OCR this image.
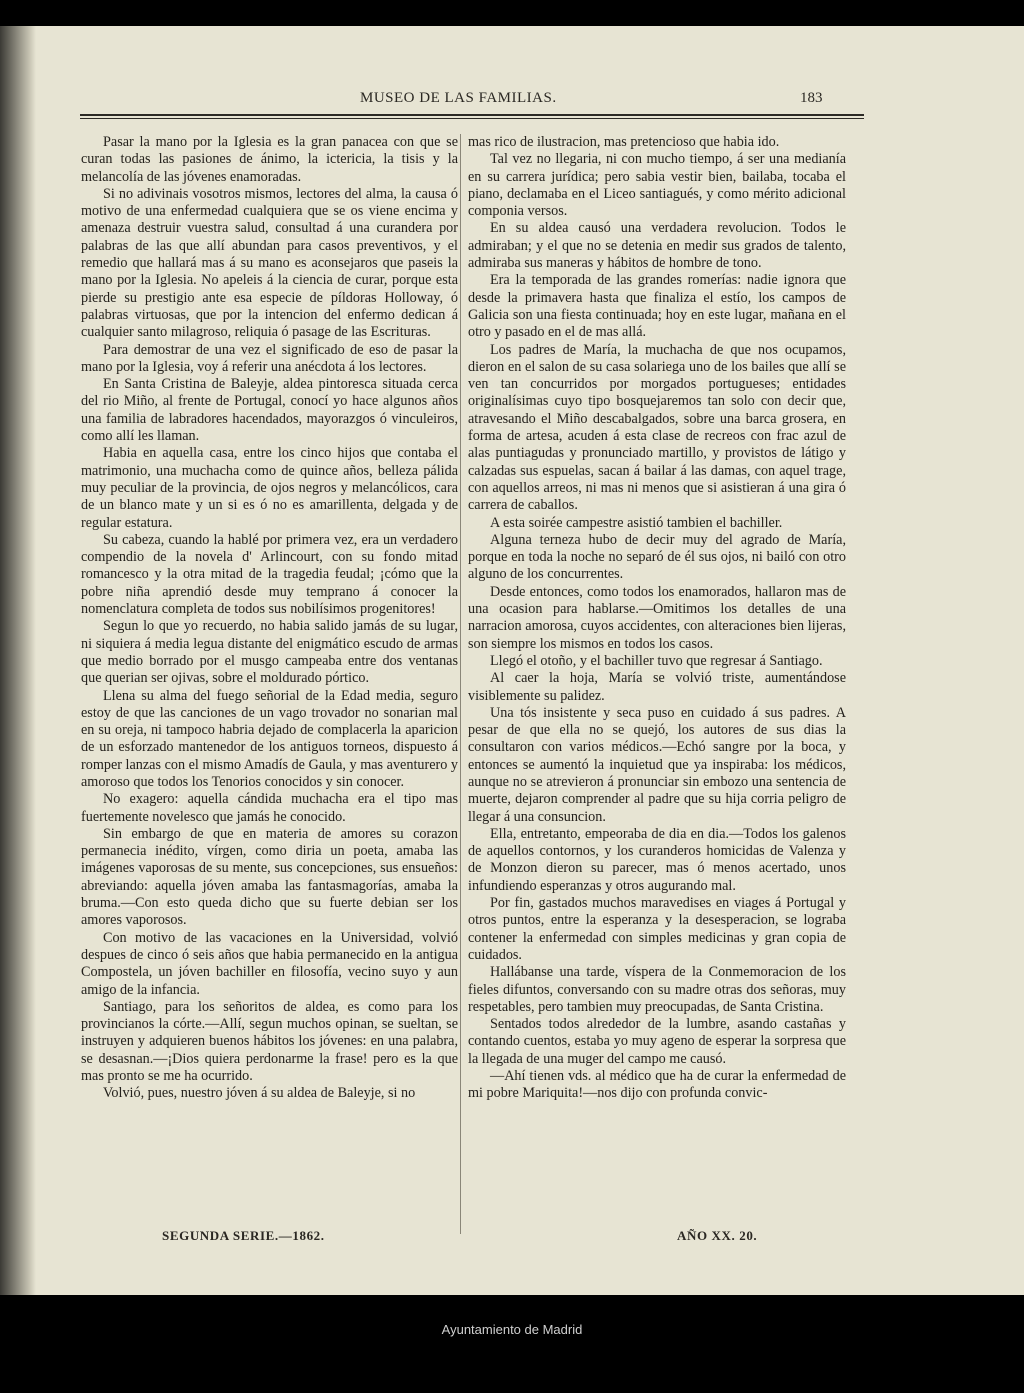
MUSEO DE LAS FAMILIAS.	183

Pasar la mano por la Iglesia es la gran panacea con que se curan todas las pasiones de ánimo, la ictericia, la tisis y la melancolía de las jóvenes enamoradas.

Si no adivinais vosotros mismos, lectores del alma, la causa ó motivo de una enfermedad cualquiera que se os viene encima y amenaza destruir vuestra salud, consultad á una curandera por palabras de las que allí abundan para casos preventivos, y el remedio que hallará mas á su mano es aconsejaros que paseis la mano por la Iglesia. No apeleis á la ciencia de curar, porque esta pierde su prestigio ante esa especie de píldoras Holloway, ó palabras virtuosas, que por la intencion del enfermo dedican á cualquier santo milagroso, reliquia ó pasage de las Escrituras.

Para demostrar de una vez el significado de eso de pasar la mano por la Iglesia, voy á referir una anécdota á los lectores.

En Santa Cristina de Baleyje, aldea pintoresca situada cerca del rio Miño, al frente de Portugal, conocí yo hace algunos años una familia de labradores hacendados, mayorazgos ó vinculeiros, como allí les llaman.

Habia en aquella casa, entre los cinco hijos que contaba el matrimonio, una muchacha como de quince años, belleza pálida muy peculiar de la provincia, de ojos negros y melancólicos, cara de un blanco mate y un si es ó no es amarillenta, delgada y de regular estatura.

Su cabeza, cuando la hablé por primera vez, era un verdadero compendio de la novela d' Arlincourt, con su fondo mitad romancesco y la otra mitad de la tragedia feudal; ¡cómo que la pobre niña aprendió desde muy temprano á conocer la nomenclatura completa de todos sus nobilísimos progenitores!

Segun lo que yo recuerdo, no habia salido jamás de su lugar, ni siquiera á media legua distante del enigmático escudo de armas que medio borrado por el musgo campeaba entre dos ventanas que querian ser ojivas, sobre el moldurado pórtico.

Llena su alma del fuego señorial de la Edad media, seguro estoy de que las canciones de un vago trovador no sonarian mal en su oreja, ni tampoco habria dejado de complacerla la aparicion de un esforzado mantenedor de los antiguos torneos, dispuesto á romper lanzas con el mismo Amadís de Gaula, y mas aventurero y amoroso que todos los Tenorios conocidos y sin conocer.

No exagero: aquella cándida muchacha era el tipo mas fuertemente novelesco que jamás he conocido.

Sin embargo de que en materia de amores su corazon permanecia inédito, vírgen, como diria un poeta, amaba las imágenes vaporosas de su mente, sus concepciones, sus ensueños: abreviando: aquella jóven amaba las fantasmagorías, amaba la bruma.—Con esto queda dicho que su fuerte debian ser los amores vaporosos.

Con motivo de las vacaciones en la Universidad, volvió despues de cinco ó seis años que habia permanecido en la antigua Compostela, un jóven bachiller en filosofía, vecino suyo y aun amigo de la infancia.

Santiago, para los señoritos de aldea, es como para los provincianos la córte.—Allí, segun muchos opinan, se sueltan, se instruyen y adquieren buenos hábitos los jóvenes: en una palabra, se desasnan.—¡Dios quiera perdonarme la frase! pero es la que mas pronto se me ha ocurrido.

Volvió, pues, nuestro jóven á su aldea de Baleyje, si no

mas rico de ilustracion, mas pretencioso que habia ido.

Tal vez no llegaria, ni con mucho tiempo, á ser una medianía en su carrera jurídica; pero sabia vestir bien, bailaba, tocaba el piano, declamaba en el Liceo santiagués, y como mérito adicional componia versos.

En su aldea causó una verdadera revolucion. Todos le admiraban; y el que no se detenia en medir sus grados de talento, admiraba sus maneras y hábitos de hombre de tono.

Era la temporada de las grandes romerías: nadie ignora que desde la primavera hasta que finaliza el estío, los campos de Galicia son una fiesta continuada; hoy en este lugar, mañana en el otro y pasado en el de mas allá.

Los padres de María, la muchacha de que nos ocupamos, dieron en el salon de su casa solariega uno de los bailes que allí se ven tan concurridos por morgados portugueses; entidades originalísimas cuyo tipo bosquejaremos tan solo con decir que, atravesando el Miño descabalgados, sobre una barca grosera, en forma de artesa, acuden á esta clase de recreos con frac azul de alas puntiagudas y pronunciado martillo, y provistos de látigo y calzadas sus espuelas, sacan á bailar á las damas, con aquel trage, con aquellos arreos, ni mas ni menos que si asistieran á una gira ó carrera de caballos.

A esta soirée campestre asistió tambien el bachiller.

Alguna terneza hubo de decir muy del agrado de María, porque en toda la noche no separó de él sus ojos, ni bailó con otro alguno de los concurrentes.

Desde entonces, como todos los enamorados, hallaron mas de una ocasion para hablarse.—Omitimos los detalles de una narracion amorosa, cuyos accidentes, con alteraciones bien lijeras, son siempre los mismos en todos los casos.

Llegó el otoño, y el bachiller tuvo que regresar á Santiago.

Al caer la hoja, María se volvió triste, aumentándose visiblemente su palidez.

Una tós insistente y seca puso en cuidado á sus padres. A pesar de que ella no se quejó, los autores de sus dias la consultaron con varios médicos.—Echó sangre por la boca, y entonces se aumentó la inquietud que ya inspiraba: los médicos, aunque no se atrevieron á pronunciar sin embozo una sentencia de muerte, dejaron comprender al padre que su hija corria peligro de llegar á una consuncion.

Ella, entretanto, empeoraba de dia en dia.—Todos los galenos de aquellos contornos, y los curanderos homicidas de Valenza y de Monzon dieron su parecer, mas ó menos acertado, unos infundiendo esperanzas y otros augurando mal.

Por fin, gastados muchos maravedises en viages á Portugal y otros puntos, entre la esperanza y la desesperacion, se lograba contener la enfermedad con simples medicinas y gran copia de cuidados.

Hallábanse una tarde, víspera de la Conmemoracion de los fieles difuntos, conversando con su madre otras dos señoras, muy respetables, pero tambien muy preocupadas, de Santa Cristina.

Sentados todos alrededor de la lumbre, asando castañas y contando cuentos, estaba yo muy ageno de esperar la sorpresa que la llegada de una muger del campo me causó.

—Ahí tienen vds. al médico que ha de curar la enfermedad de mi pobre Mariquita!—nos dijo con profunda convic-

SEGUNDA SERIE.—1862.	AÑO XX. 20.
Ayuntamiento de Madrid
